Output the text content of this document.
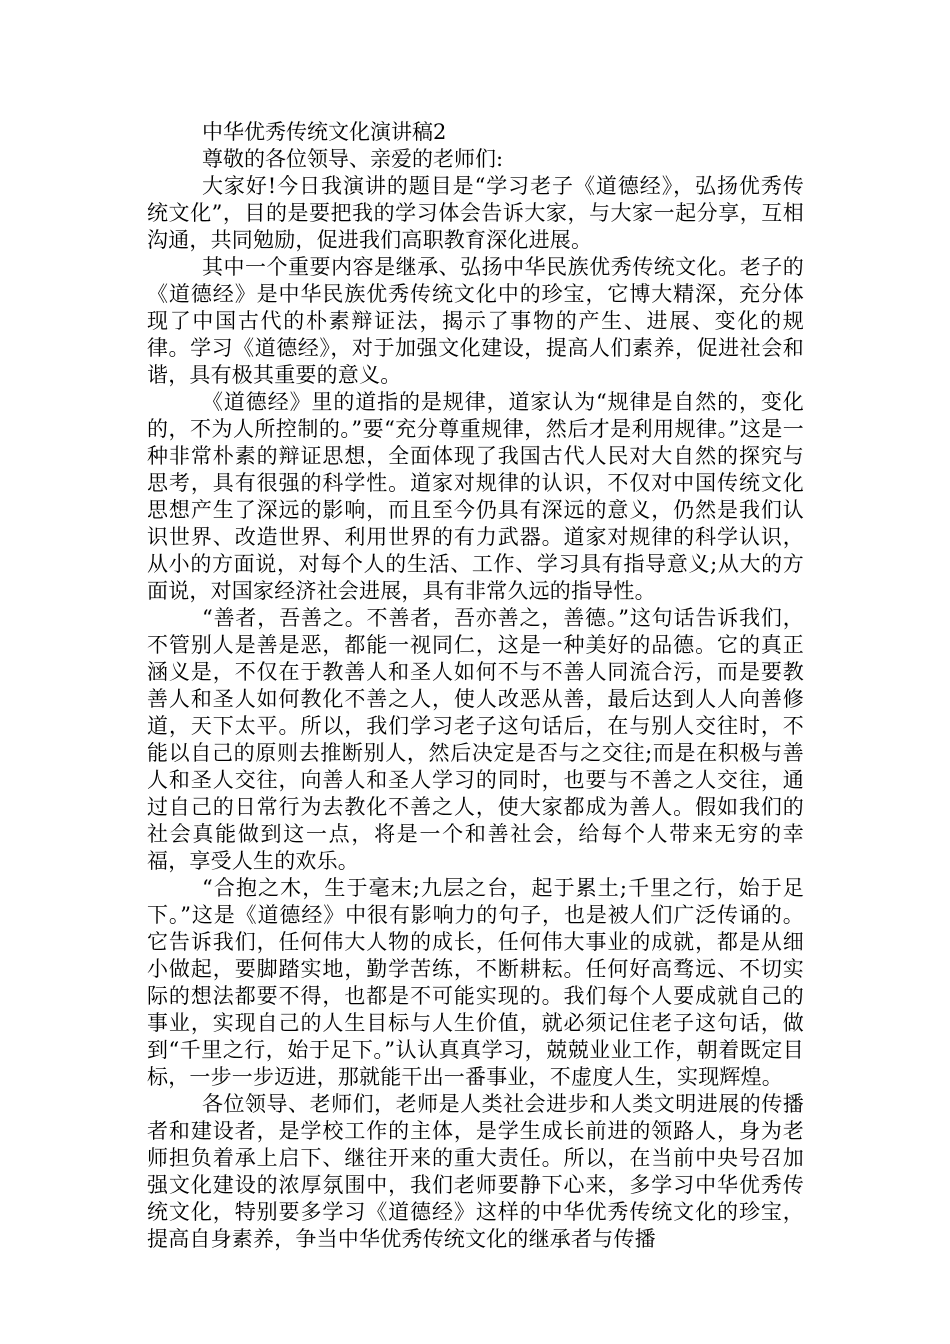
中华优秀传统文化演讲稿2

尊敬的各位领导、亲爱的老师们:

大家好!今日我演讲的题目是“学习老子《道德经》，弘扬优秀传统文化”，目的是要把我的学习体会告诉大家，与大家一起分享，互相沟通，共同勉励，促进我们高职教育深化进展。

其中一个重要内容是继承、弘扬中华民族优秀传统文化。老子的《道德经》是中华民族优秀传统文化中的珍宝，它博大精深，充分体现了中国古代的朴素辩证法，揭示了事物的产生、进展、变化的规律。学习《道德经》，对于加强文化建设，提高人们素养，促进社会和谐，具有极其重要的意义。

《道德经》里的道指的是规律，道家认为“规律是自然的，变化的，不为人所控制的。”要“充分尊重规律，然后才是利用规律。”这是一种非常朴素的辩证思想，全面体现了我国古代人民对大自然的探究与思考，具有很强的科学性。道家对规律的认识，不仅对中国传统文化思想产生了深远的影响，而且至今仍具有深远的意义，仍然是我们认识世界、改造世界、利用世界的有力武器。道家对规律的科学认识，从小的方面说，对每个人的生活、工作、学习具有指导意义;从大的方面说，对国家经济社会进展，具有非常久远的指导性。

“善者，吾善之。不善者，吾亦善之，善德。”这句话告诉我们，不管别人是善是恶，都能一视同仁，这是一种美好的品德。它的真正涵义是，不仅在于教善人和圣人如何不与不善人同流合污，而是要教善人和圣人如何教化不善之人，使人改恶从善，最后达到人人向善修道，天下太平。所以，我们学习老子这句话后，在与别人交往时，不能以自己的原则去推断别人，然后决定是否与之交往;而是在积极与善人和圣人交往，向善人和圣人学习的同时，也要与不善之人交往，通过自己的日常行为去教化不善之人，使大家都成为善人。假如我们的社会真能做到这一点，将是一个和善社会，给每个人带来无穷的幸福，享受人生的欢乐。

“合抱之木，生于毫末;九层之台，起于累土;千里之行，始于足下。”这是《道德经》中很有影响力的句子，也是被人们广泛传诵的。它告诉我们，任何伟大人物的成长，任何伟大事业的成就，都是从细小做起，要脚踏实地，勤学苦练，不断耕耘。任何好高骛远、不切实际的想法都要不得，也都是不可能实现的。我们每个人要成就自己的事业，实现自己的人生目标与人生价值，就必须记住老子这句话，做到“千里之行，始于足下。”认认真真学习，兢兢业业工作，朝着既定目标，一步一步迈进，那就能干出一番事业，不虚度人生，实现辉煌。

各位领导、老师们，老师是人类社会进步和人类文明进展的传播者和建设者，是学校工作的主体，是学生成长前进的领路人，身为老师担负着承上启下、继往开来的重大责任。所以，在当前中央号召加强文化建设的浓厚氛围中，我们老师要静下心来，多学习中华优秀传统文化，特别要多学习《道德经》这样的中华优秀传统文化的珍宝，提高自身素养，争当中华优秀传统文化的继承者与传播
